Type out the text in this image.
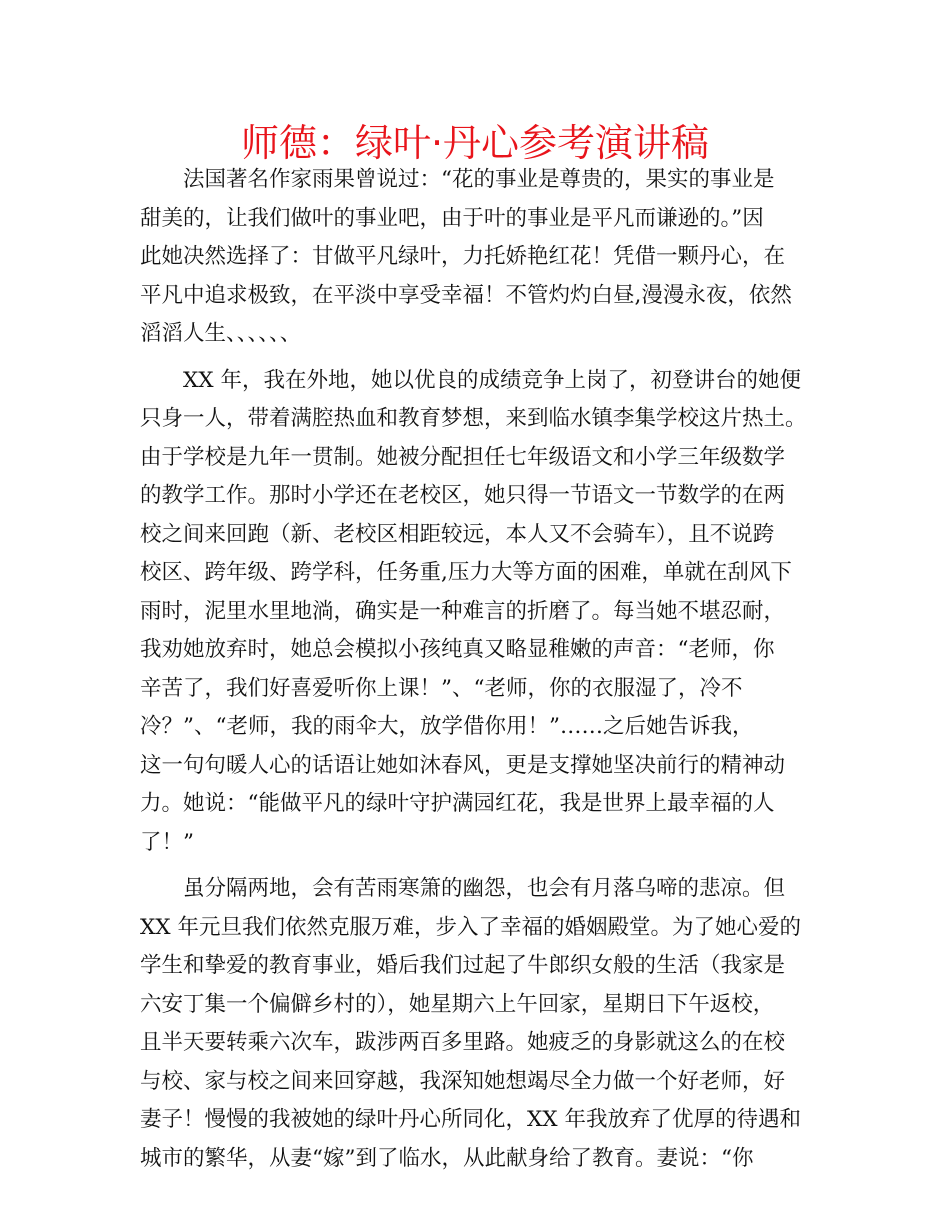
师德：绿叶·丹心参考演讲稿
　　法国著名作家雨果曾说过：“花的事业是尊贵的，果实的事业是
甜美的，让我们做叶的事业吧，由于叶的事业是平凡而谦逊的。”因
此她决然选择了：甘做平凡绿叶，力托娇艳红花！凭借一颗丹心，在
平凡中追求极致，在平淡中享受幸福！不管灼灼白昼,漫漫永夜，依然
滔滔人生、、、、、、
　　XX 年，我在外地，她以优良的成绩竞争上岗了，初登讲台的她便
只身一人，带着满腔热血和教育梦想，来到临水镇李集学校这片热土。
由于学校是九年一贯制。她被分配担任七年级语文和小学三年级数学
的教学工作。那时小学还在老校区，她只得一节语文一节数学的在两
校之间来回跑（新、老校区相距较远，本人又不会骑车），且不说跨
校区、跨年级、跨学科，任务重,压力大等方面的困难，单就在刮风下
雨时，泥里水里地淌，确实是一种难言的折磨了。每当她不堪忍耐，
我劝她放弃时，她总会模拟小孩纯真又略显稚嫩的声音：“老师，你
辛苦了，我们好喜爱听你上课！”、“老师，你的衣服湿了，冷不
冷？”、“老师，我的雨伞大，放学借你用！”……之后她告诉我，
这一句句暖人心的话语让她如沐春风，更是支撑她坚决前行的精神动
力。她说：“能做平凡的绿叶守护满园红花，我是世界上最幸福的人
了！”
　　虽分隔两地，会有苦雨寒箫的幽怨，也会有月落乌啼的悲凉。但
XX 年元旦我们依然克服万难，步入了幸福的婚姻殿堂。为了她心爱的
学生和挚爱的教育事业，婚后我们过起了牛郎织女般的生活（我家是
六安丁集一个偏僻乡村的），她星期六上午回家，星期日下午返校，
且半天要转乘六次车，跋涉两百多里路。她疲乏的身影就这么的在校
与校、家与校之间来回穿越，我深知她想竭尽全力做一个好老师，好
妻子！慢慢的我被她的绿叶丹心所同化，XX 年我放弃了优厚的待遇和
城市的繁华，从妻“嫁”到了临水，从此献身给了教育。妻说：“你
